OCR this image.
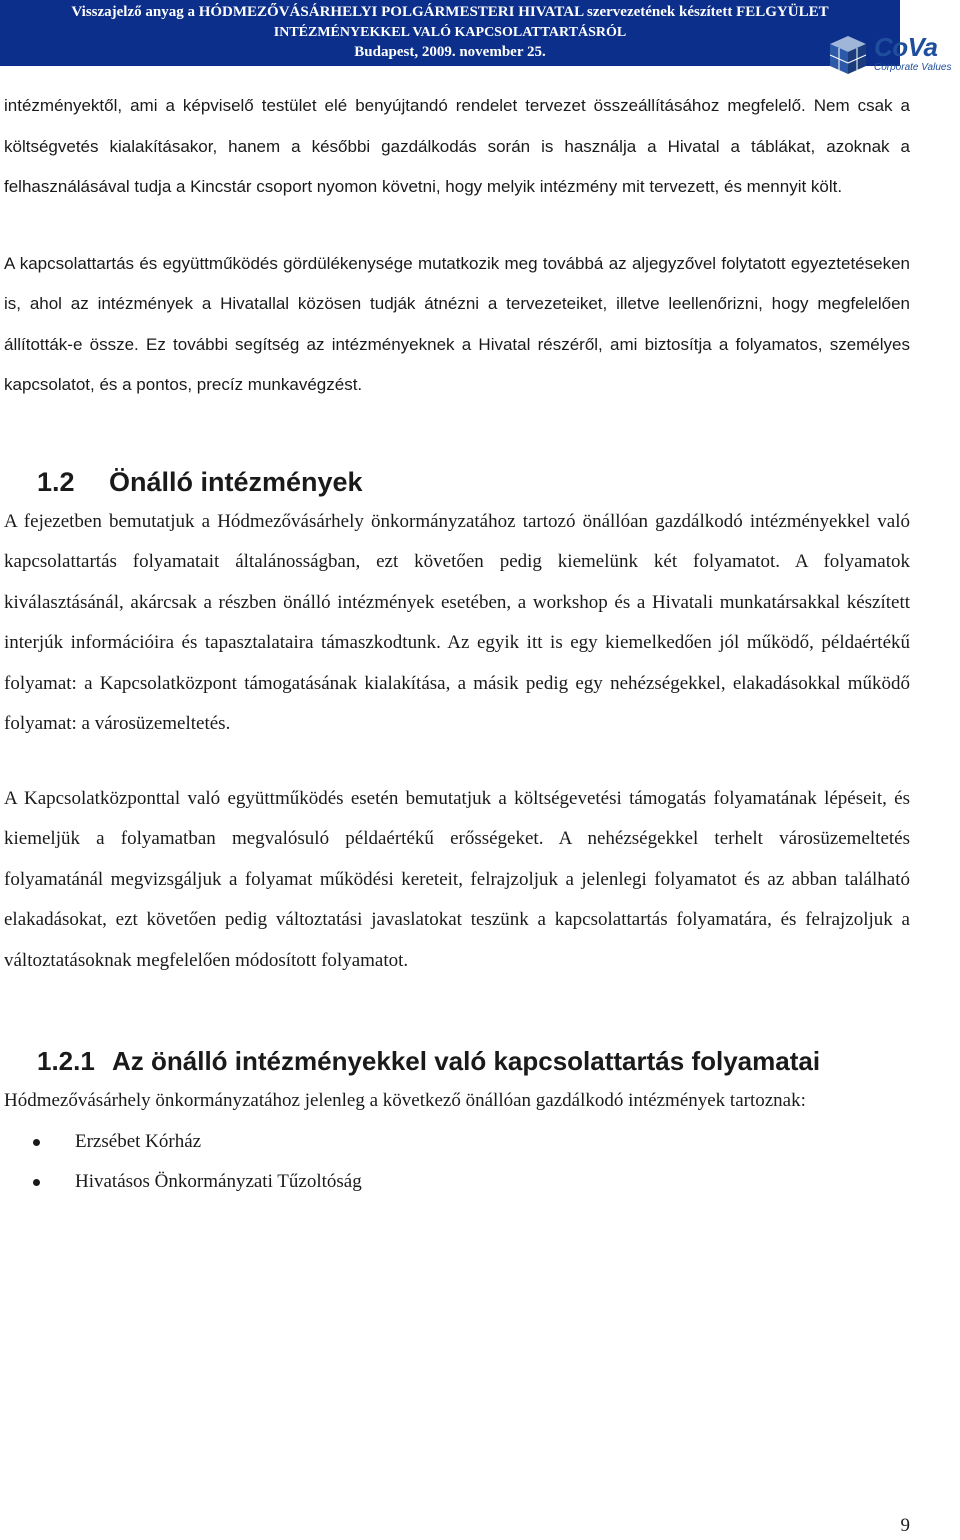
Visszajelző anyag a HÓDMEZŐVÁSÁRHELYI POLGÁRMESTERI HIVATAL szervezetének készített FELGYÜLET
INTÉZMÉNYEKKEL VALÓ KAPCSOLATTARTÁSRÓL
Budapest, 2009. november 25.	CoVa
Corporate Values

intézményektől, ami a képviselő testület elé benyújtandó rendelet tervezet összeállításához megfelelő. Nem csak a költségvetés kialakításakor, hanem a későbbi gazdálkodás során is használja a Hivatal a táblákat, azoknak a felhasználásával tudja a Kincstár csoport nyomon követni, hogy melyik intézmény mit tervezett, és mennyit költ.

A kapcsolattartás és együttműködés gördülékenysége mutatkozik meg továbbá az aljegyzővel folytatott egyeztetéseken is, ahol az intézmények a Hivatallal közösen tudják átnézni a tervezeteiket, illetve leellenőrizni, hogy megfelelően állították-e össze. Ez további segítség az intézményeknek a Hivatal részéről, ami biztosítja a folyamatos, személyes kapcsolatot, és a pontos, precíz munkavégzést.

1.2 Önálló intézmények

A fejezetben bemutatjuk a Hódmezővásárhely önkormányzatához tartozó önállóan gazdálkodó intézményekkel való kapcsolattartás folyamatait általánosságban, ezt követően pedig kiemelünk két folyamatot. A folyamatok kiválasztásánál, akárcsak a részben önálló intézmények esetében, a workshop és a Hivatali munkatársakkal készített interjúk információira és tapasztalataira támaszkodtunk. Az egyik itt is egy kiemelkedően jól működő, példaértékű folyamat: a Kapcsolatközpont támogatásának kialakítása, a másik pedig egy nehézségekkel, elakadásokkal működő folyamat: a városüzemeltetés.

A Kapcsolatközponttal való együttműködés esetén bemutatjuk a költségevetési támogatás folyamatának lépéseit, és kiemeljük a folyamatban megvalósuló példaértékű erősségeket. A nehézségekkel terhelt városüzemeltetés folyamatánál megvizsgáljuk a folyamat működési kereteit, felrajzoljuk a jelenlegi folyamatot és az abban található elakadásokat, ezt követően pedig változtatási javaslatokat teszünk a kapcsolattartás folyamatára, és felrajzoljuk a változtatásoknak megfelelően módosított folyamatot.

1.2.1 Az önálló intézményekkel való kapcsolattartás folyamatai

Hódmezővásárhely önkormányzatához jelenleg a következő önállóan gazdálkodó intézmények tartoznak:

Erzsébet Kórház
Hivatásos Önkormányzati Tűzoltóság
9
